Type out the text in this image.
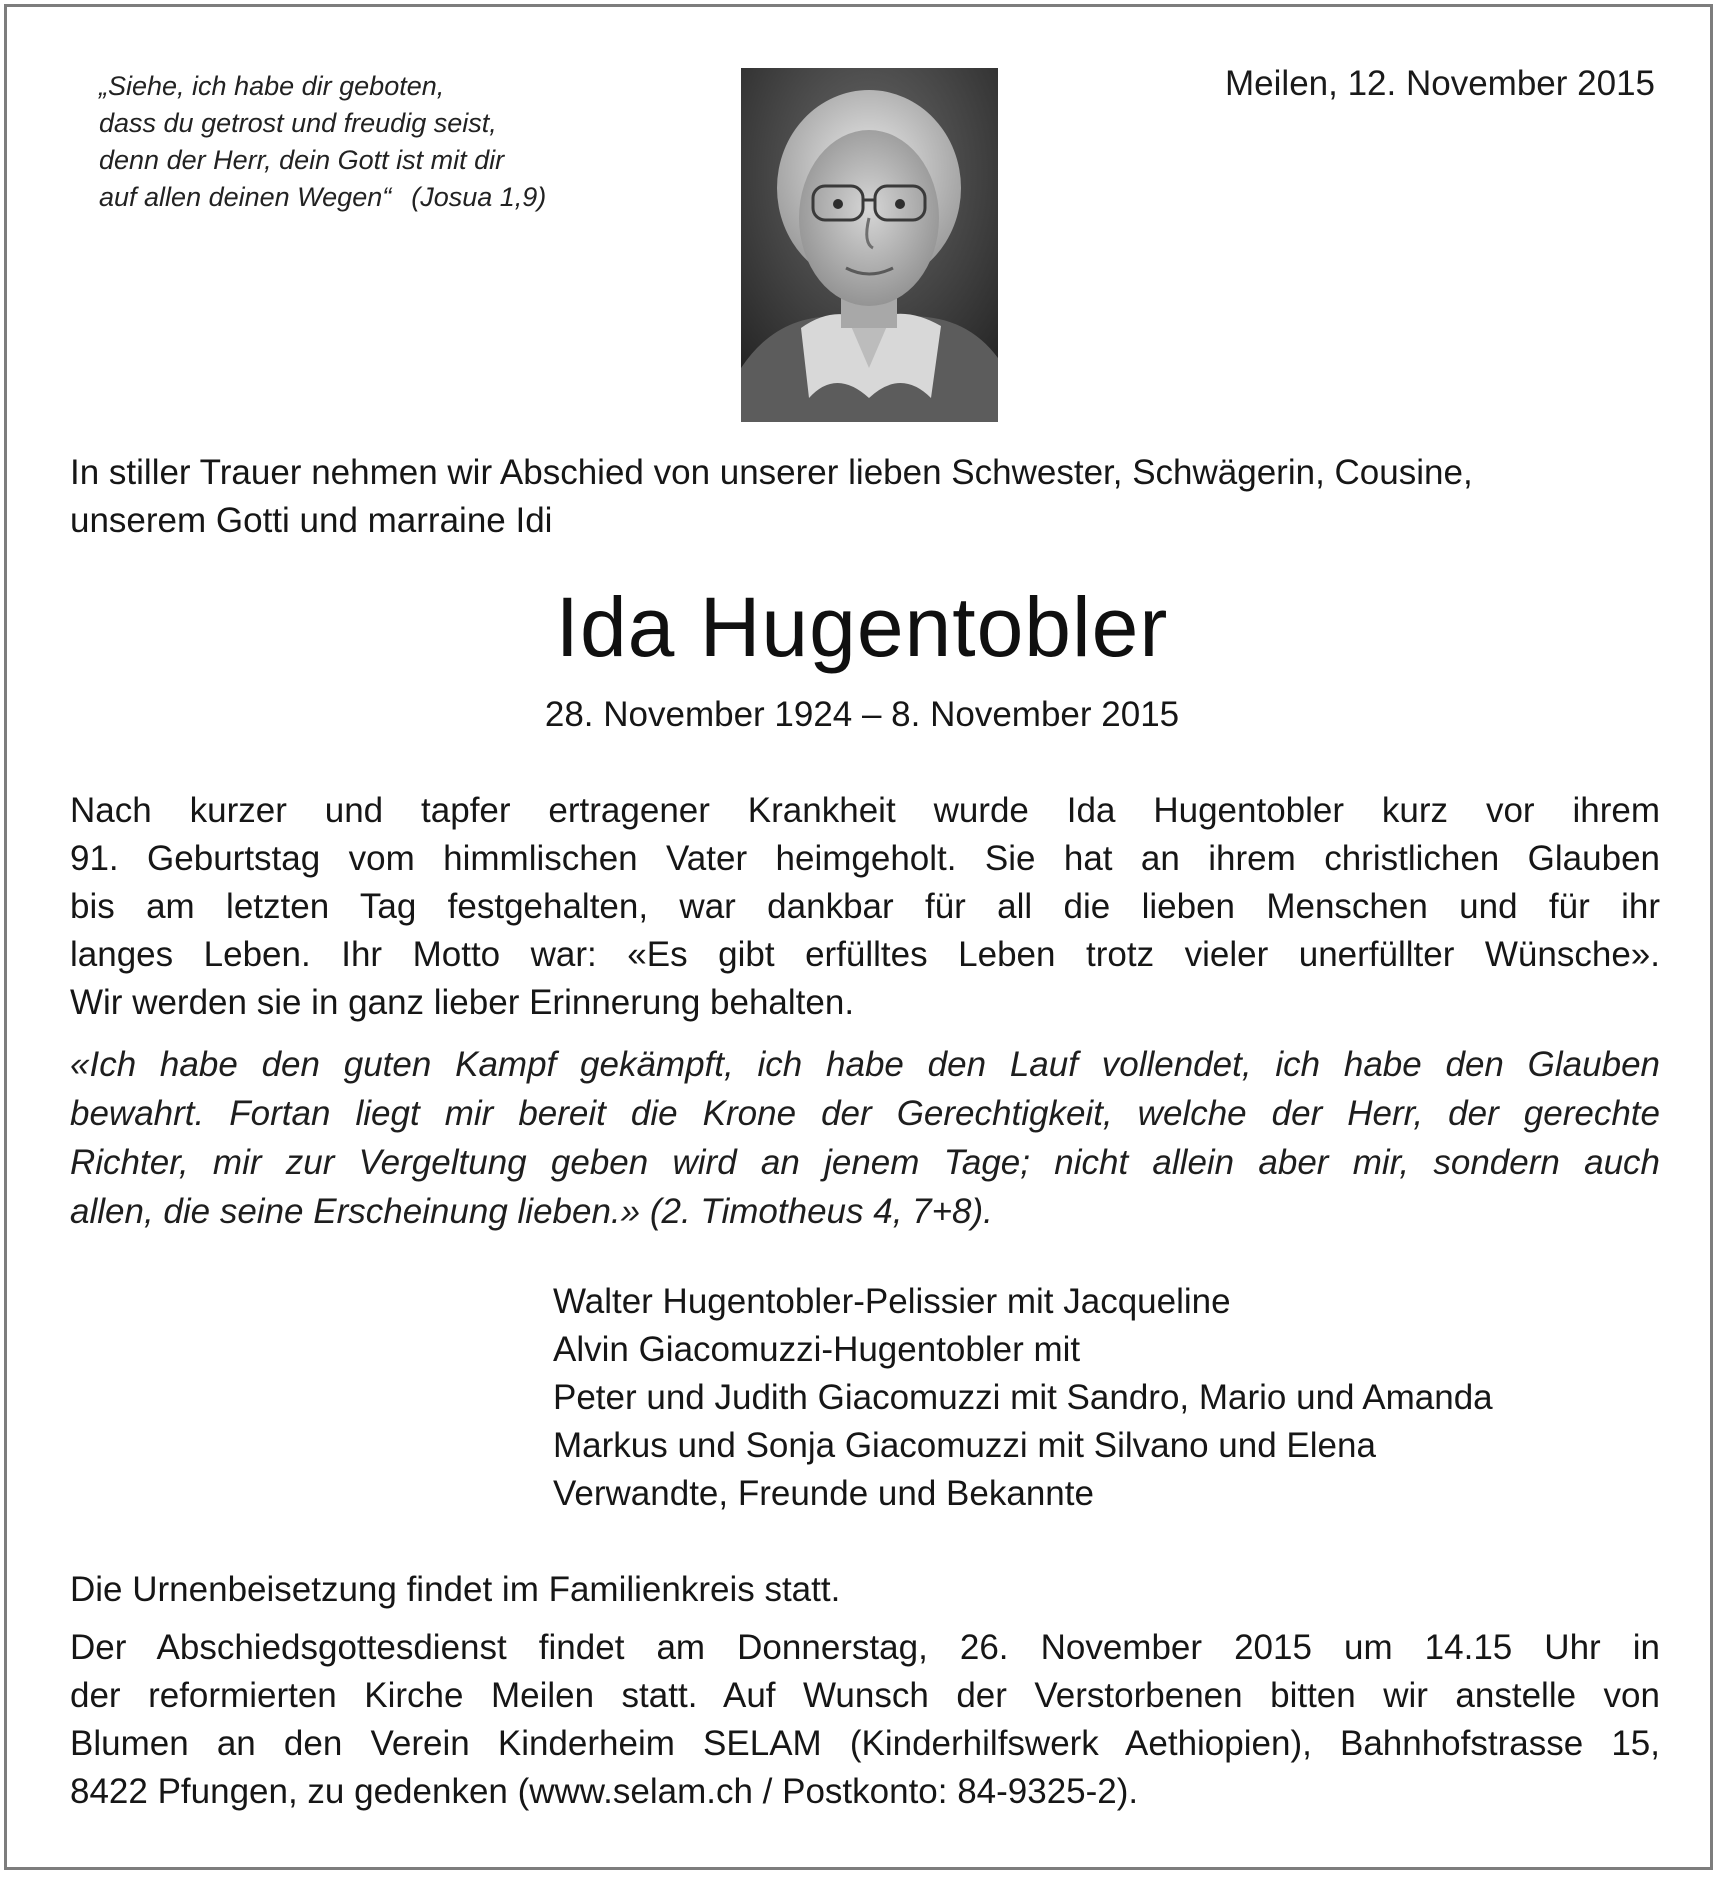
„Siehe, ich habe dir geboten,
dass du getrost und freudig seist,
denn der Herr, dein Gott ist mit dir
auf allen deinen Wegen“ (Josua 1,9)
Meilen, 12. November 2015
In stiller Trauer nehmen wir Abschied von unserer lieben Schwester, Schwägerin, Cousine,
unserem Gotti und marraine Idi
Ida Hugentobler
28. November 1924 – 8. November 2015
Nach kurzer und tapfer ertragener Krankheit wurde Ida Hugentobler kurz vor ihrem
91. Geburtstag vom himmlischen Vater heimgeholt. Sie hat an ihrem christlichen Glauben
bis am letzten Tag festgehalten, war dankbar für all die lieben Menschen und für ihr
langes Leben. Ihr Motto war: «Es gibt erfülltes Leben trotz vieler unerfüllter Wünsche».
Wir werden sie in ganz lieber Erinnerung behalten.
«Ich habe den guten Kampf gekämpft, ich habe den Lauf vollendet, ich habe den Glauben
bewahrt. Fortan liegt mir bereit die Krone der Gerechtigkeit, welche der Herr, der gerechte
Richter, mir zur Vergeltung geben wird an jenem Tage; nicht allein aber mir, sondern auch
allen, die seine Erscheinung lieben.» (2. Timotheus 4, 7+8).
Walter Hugentobler-Pelissier mit Jacqueline
Alvin Giacomuzzi-Hugentobler mit
Peter und Judith Giacomuzzi mit Sandro, Mario und Amanda
Markus und Sonja Giacomuzzi mit Silvano und Elena
Verwandte, Freunde und Bekannte
Die Urnenbeisetzung findet im Familienkreis statt.
Der Abschiedsgottesdienst findet am Donnerstag, 26. November 2015 um 14.15 Uhr in
der reformierten Kirche Meilen statt. Auf Wunsch der Verstorbenen bitten wir anstelle von
Blumen an den Verein Kinderheim SELAM (Kinderhilfswerk Aethiopien), Bahnhofstrasse 15,
8422 Pfungen, zu gedenken (www.selam.ch / Postkonto: 84-9325-2).
